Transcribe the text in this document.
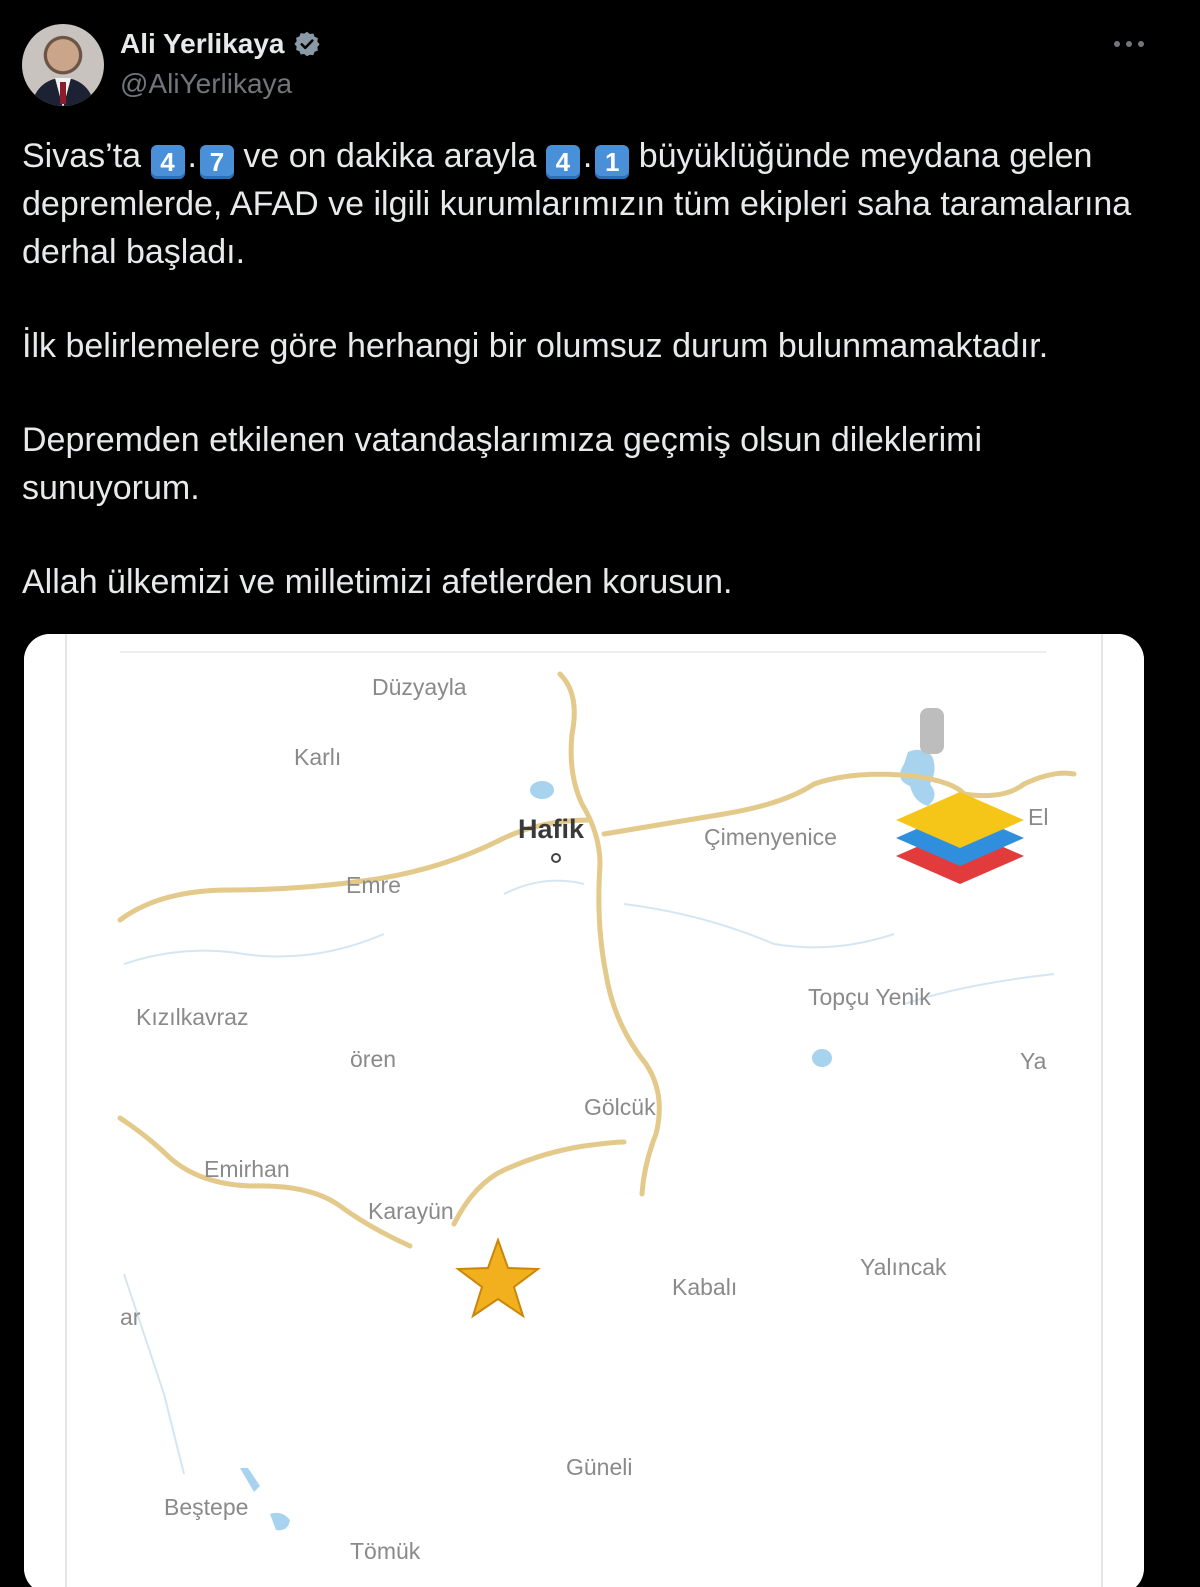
Ali Yerlikaya
@AliYerlikaya

Sivas’ta 4 . 7 ve on dakika arayla 4 . 1 büyüklüğünde meydana gelen depremlerde, AFAD ve ilgili kurumlarımızın tüm ekipleri saha taramalarına derhal başladı.

İlk belirlemelere göre herhangi bir olumsuz durum bulunmamaktadır.

Depremden etkilenen vatandaşlarımıza geçmiş olsun dileklerimi sunuyorum.

Allah ülkemizi ve milletimizi afetlerden korusun.

Düzyayla
Karlı
Hafik	Çimenyenice
El
Emre
Kızılkavraz
Topçu Yenik
ören	Ya
Gölcük
Emirhan
Karayün
Kabalı
Yalıncak
ar
Güneli
Beştepe
Tömük
